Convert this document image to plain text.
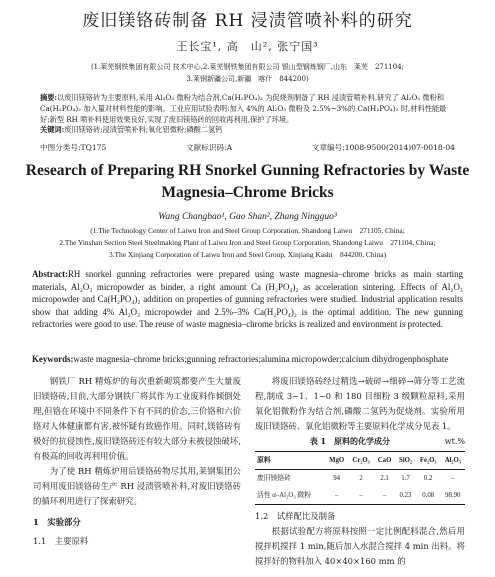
废旧镁铬砖制备 RH 浸渍管喷补料的研究
王长宝¹, 高　山², 张宁国³
(1.莱芜钢铁集团有限公司 技术中心,2.莱芜钢铁集团有限公司 银山型钢炼钢厂,山东　莱芜　271104;
3.莱钢新疆公司,新疆　喀什　844200)
摘要:以废旧镁铬砖为主要原料,采用 Al₂O₃ 微粉为结合剂,Ca(H₂PO₄)₂ 为促烧剂制备了 RH 浸渍管喷补料,研究了 Al₂O₃ 微粉和 Ca(H₂PO₄)₂ 加入量对材料性能的影响。工业应用试验表明:加入 4%的 Al₂O₃ 微粉及 2.5%~3%的 Ca(H₂PO₄)₂ 时,材料性能最好;新型 RH 喷补料使用效果良好,实现了废旧镁铬砖的回收再利用,保护了环境。
关键词:废旧镁铬砖;浸渍管喷补料;氧化铝微粉;磷酸二氢钙
中图分类号:TQ175	文献标识码:A	文章编号:1008-9500(2014)07-0018-04
Research of Preparing RH Snorkel Gunning Refractories by Waste Magnesia–Chrome Bricks
Wang Changbao¹, Gao Shan², Zhang Ningguo³
(1.The Technology Center of Laiwu Iron and Steel Group Corporation, Shandong Laiwu　271105, China;
2.The Yinshan Section Steel Steelmaking Plant of Laiwu Iron and Steel Group Corporation, Shandong Laiwu　271104, China;
3.The Xinjiang Corporation of Laiwu Iron and Steel Group, Xinjiang Kashi　844200, China)
Abstract:RH snorkel gunning refractories were prepared using waste magnesia–chrome bricks as main starting materials, Al₂O₃ micropowder as binder, a right amount Ca (H₂PO₄)₂ as acceleration sintering. Effects of Al₂O₃ micropowder and Ca(H₂PO₄)₂ addition on properties of gunning refractories were studied. Industrial application results show that adding 4% Al₂O₃ micropowder and 2.5%–3% Ca(H₂PO₄)₂ is the optimal addition. The new gunning refractories were good to use. The reuse of waste magnesia–chrome bricks is realized and environment is protected.
Keywords:waste magnesia–chrome bricks;gunning refractories;alumina micropowder;calcium dihydrogenphosphate

钢铁厂 RH 精炼炉的每次重新砌筑都要产生大量废旧镁铬砖,目前,大部分钢铁厂将其作为工业废料作倾倒处理,但铬在环境中不同条件下有不同的价态,三价铬和六价铬对人体健康都有害,被怀疑有致癌作用。同时,镁铬砖有极好的抗侵蚀性,废旧镁铬砖还有较大部分未被侵蚀破坏,有极高的回收再利用价值。

为了使 RH 精炼炉用后镁铬砖物尽其用,莱钢集团公司利用废旧镁铬砖生产 RH 浸渍管喷补料,对废旧镁铬砖的循环利用进行了探索研究。

1　实验部分

1.1　主要原料

将废旧镁铬砖经过精选→破碎→细碎→筛分等工艺流程,制成 3~1、1~0 和 180 目细粉 3 级颗粒原料,采用氧化铝微粉作为结合剂,磷酸二氢钙为促烧剂。实验所用废旧镁铬砖、氧化铝微粉等主要原料化学成分见表 1。

表 1　原料的化学成分	wt.%
原料	MgO	Cr₂O₃	CaO	SiO₂	Fe₂O₃	Al₂O₃
废旧镁铬砖	94	2	2.1	1.7	0.2	–
活性 α–Al₂O₃ 微粉	–	–	–	0.23	0.08	98.90

1.2　试样配比及制备

根据试验配方将原料按照一定比例配料混合,然后用搅拌机搅拌 1 min,随后加入水混合搅拌 4 min 出料。将搅拌好的物料加入 40×40×160 mm 的
